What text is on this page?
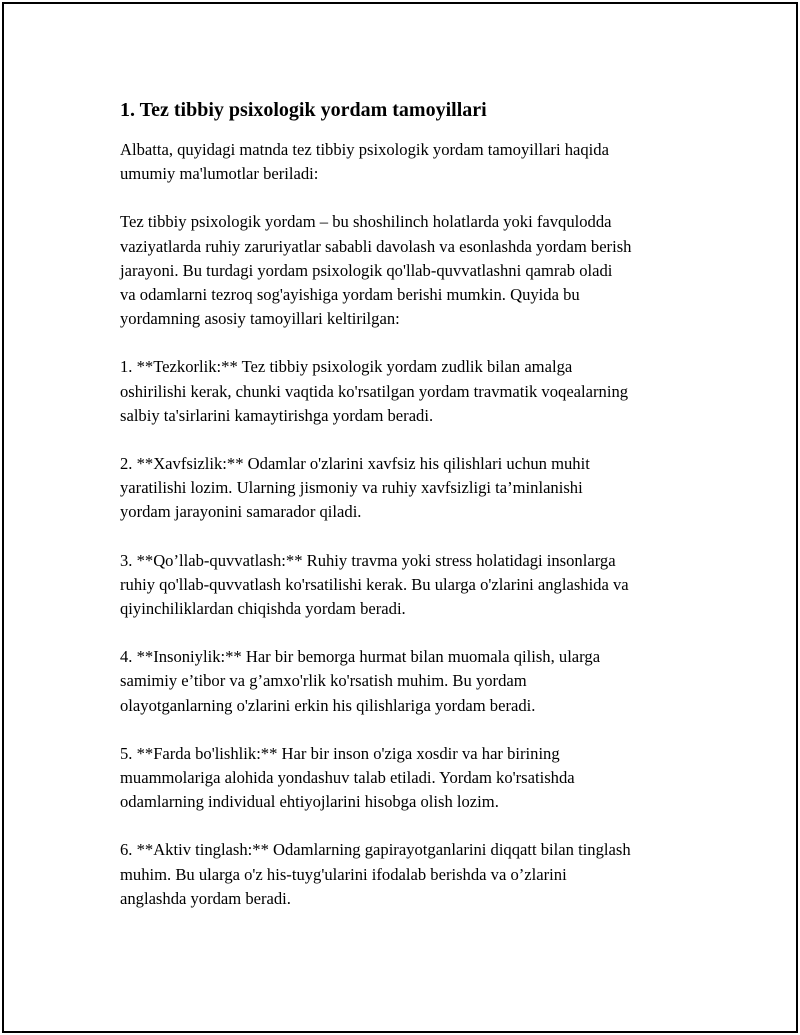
1. Tez tibbiy psixologik yordam tamoyillari

Albatta, quyidagi matnda tez tibbiy psixologik yordam tamoyillari haqida
umumiy ma'lumotlar beriladi:

Tez tibbiy psixologik yordam – bu shoshilinch holatlarda yoki favqulodda
vaziyatlarda ruhiy zaruriyatlar sababli davolash va esonlashda yordam berish
jarayoni. Bu turdagi yordam psixologik qo'llab-quvvatlashni qamrab oladi
va odamlarni tezroq sog'ayishiga yordam berishi mumkin. Quyida bu
yordamning asosiy tamoyillari keltirilgan:

1. **Tezkorlik:** Tez tibbiy psixologik yordam zudlik bilan amalga
oshirilishi kerak, chunki vaqtida ko'rsatilgan yordam travmatik voqealarning
salbiy ta'sirlarini kamaytirishga yordam beradi.

2. **Xavfsizlik:** Odamlar o'zlarini xavfsiz his qilishlari uchun muhit
yaratilishi lozim. Ularning jismoniy va ruhiy xavfsizligi ta’minlanishi
yordam jarayonini samarador qiladi.

3. **Qo’llab-quvvatlash:** Ruhiy travma yoki stress holatidagi insonlarga
ruhiy qo'llab-quvvatlash ko'rsatilishi kerak. Bu ularga o'zlarini anglashida va
qiyinchiliklardan chiqishda yordam beradi.

4. **Insoniylik:** Har bir bemorga hurmat bilan muomala qilish, ularga
samimiy e’tibor va g’amxo'rlik ko'rsatish muhim. Bu yordam
olayotganlarning o'zlarini erkin his qilishlariga yordam beradi.

5. **Farda bo'lishlik:** Har bir inson o'ziga xosdir va har birining
muammolariga alohida yondashuv talab etiladi. Yordam ko'rsatishda
odamlarning individual ehtiyojlarini hisobga olish lozim.

6. **Aktiv tinglash:** Odamlarning gapirayotganlarini diqqatt bilan tinglash
muhim. Bu ularga o'z his-tuyg'ularini ifodalab berishda va o’zlarini
anglashda yordam beradi.
